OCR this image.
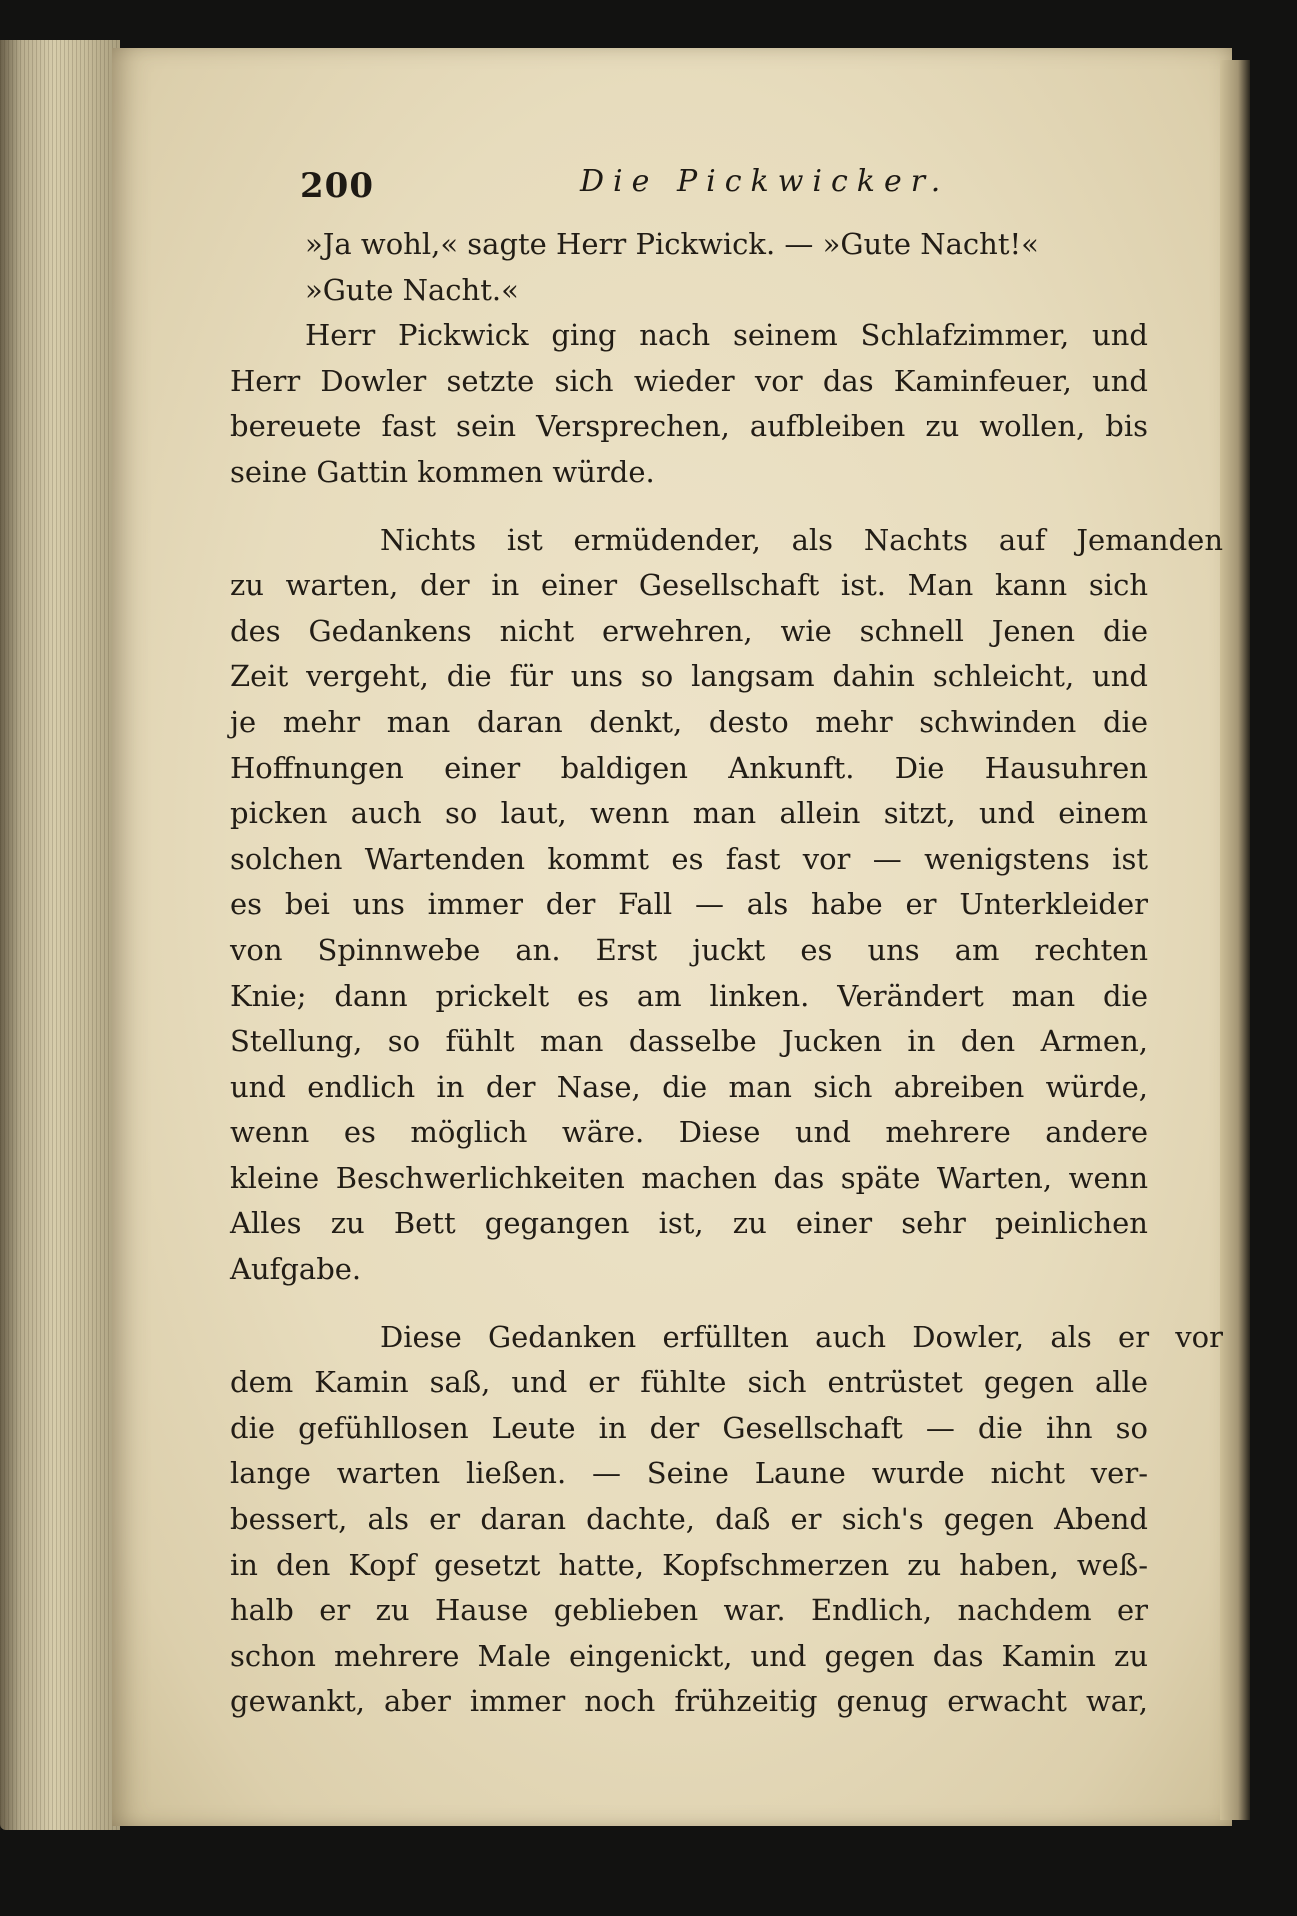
200	Die Pickwicker.
»Ja wohl,« sagte Herr Pickwick. — »Gute Nacht!«
»Gute Nacht.«
Herr Pickwick ging nach seinem Schlafzimmer, und
Herr Dowler setzte sich wieder vor das Kaminfeuer, und
bereuete fast sein Versprechen, aufbleiben zu wollen, bis
seine Gattin kommen würde.
Nichts ist ermüdender, als Nachts auf Jemanden
zu warten, der in einer Gesellschaft ist. Man kann sich
des Gedankens nicht erwehren, wie schnell Jenen die
Zeit vergeht, die für uns so langsam dahin schleicht, und
je mehr man daran denkt, desto mehr schwinden die
Hoffnungen einer baldigen Ankunft. Die Hausuhren
picken auch so laut, wenn man allein sitzt, und einem
solchen Wartenden kommt es fast vor — wenigstens ist
es bei uns immer der Fall — als habe er Unterkleider
von Spinnwebe an. Erst juckt es uns am rechten
Knie; dann prickelt es am linken. Verändert man die
Stellung, so fühlt man dasselbe Jucken in den Armen,
und endlich in der Nase, die man sich abreiben würde,
wenn es möglich wäre. Diese und mehrere andere
kleine Beschwerlichkeiten machen das späte Warten, wenn
Alles zu Bett gegangen ist, zu einer sehr peinlichen
Aufgabe.
Diese Gedanken erfüllten auch Dowler, als er vor
dem Kamin saß, und er fühlte sich entrüstet gegen alle
die gefühllosen Leute in der Gesellschaft — die ihn so
lange warten ließen. — Seine Laune wurde nicht ver-
bessert, als er daran dachte, daß er sich's gegen Abend
in den Kopf gesetzt hatte, Kopfschmerzen zu haben, weß-
halb er zu Hause geblieben war. Endlich, nachdem er
schon mehrere Male eingenickt, und gegen das Kamin zu
gewankt, aber immer noch frühzeitig genug erwacht war,
